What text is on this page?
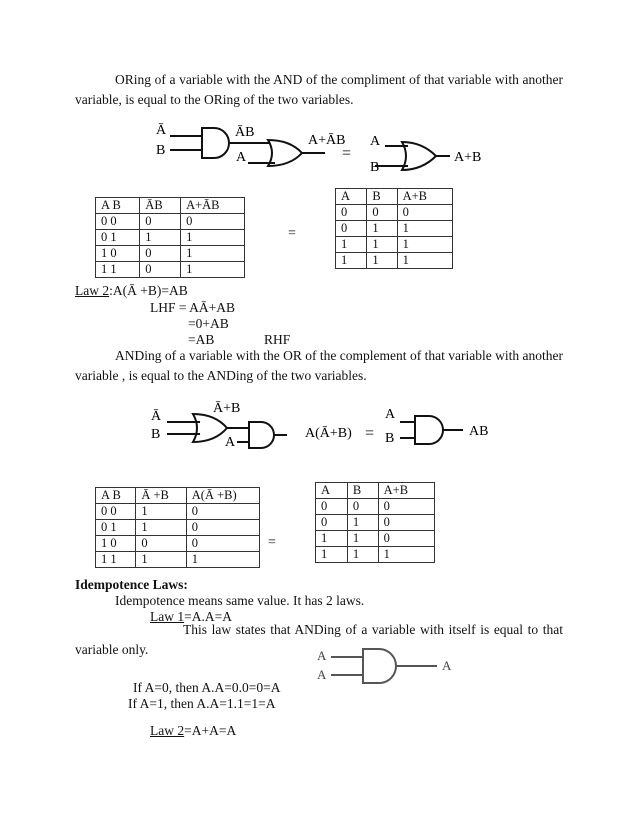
ORing of a variable with the AND of the compliment of that variable with another variable, is equal to the ORing of the two variables.
Ā
B
ĀB
A
A+ĀB
=
A
B
A+B
A B	ĀB	A+ĀB
0 0	0	0
0 1	1	1
1 0	0	1
1 1	0	1
=
A	B	A+B
0	0	0
0	1	1
1	1	1
1	1	1
Law 2:A(Ā +B)=AB
LHF = AĀ+AB
=0+AB
=AB	RHF
ANDing of a variable with the OR of the complement of that variable with another variable , is equal to the ANDing of the two variables.
Ā
B
Ā+B
A
A(Ā+B) =
A
B	AB
A B	Ā +B	A(Ā +B)
0 0	1	0
0 1	1	0
1 0	0	0
1 1	1	1
=
A	B	A+B
0	0	0
0	1	0
1	1	0
1	1	1
Idempotence Laws:
Idempotence means same value. It has 2 laws.
Law 1=A.A=A
This law states that ANDing of a variable with itself is equal to that variable only.	A
A
A
If A=0, then A.A=0.0=0=A
If A=1, then A.A=1.1=1=A
Law 2=A+A=A
